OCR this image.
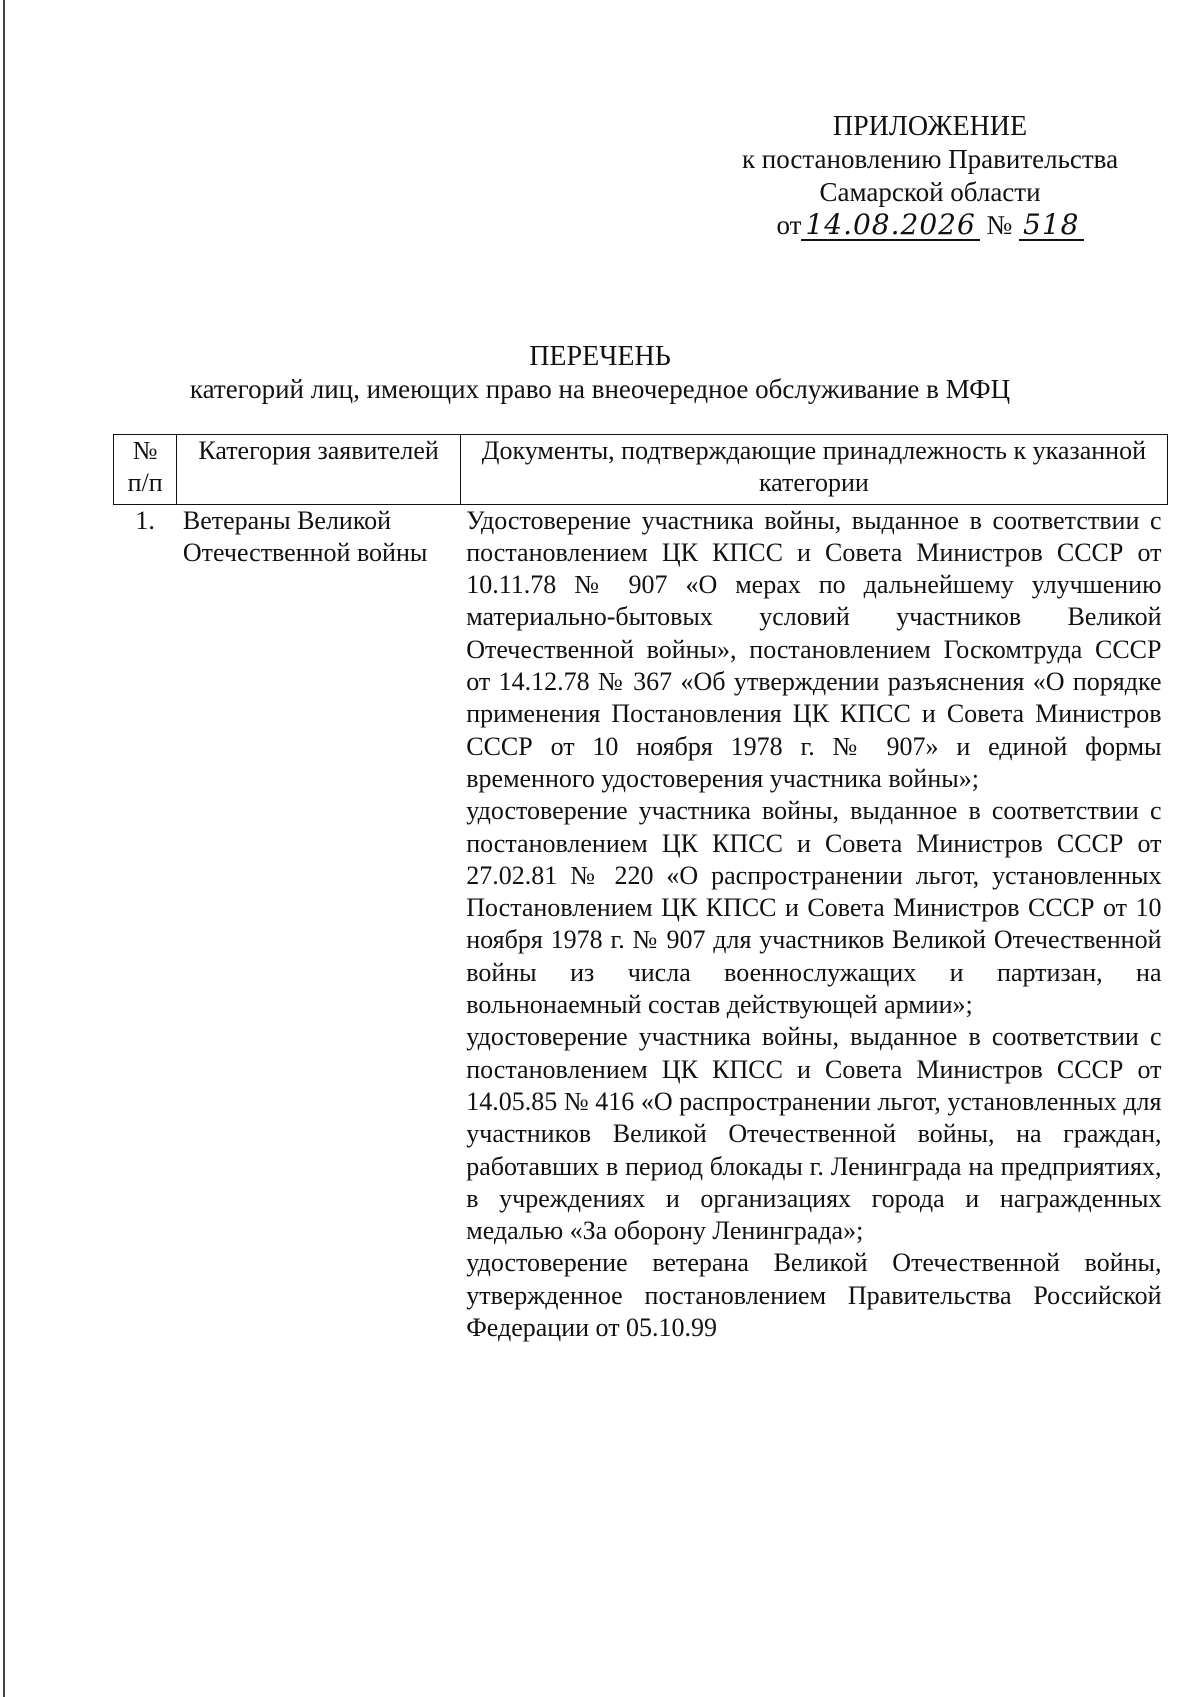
ПРИЛОЖЕНИЕ
к постановлению Правительства
Самарской области
от 14.08.2026 № 518
ПЕРЕЧЕНЬ
категорий лиц, имеющих право на внеочередное обслуживание в МФЦ
№ п/п	Категория заявителей	Документы, подтверждающие принадлежность к указанной категории
1.	Ветераны Великой Отечественной войны	Удостоверение участника войны, выданное в соответствии с постановлением ЦК КПСС и Совета Министров СССР от 10.11.78 № 907 «О мерах по дальнейшему улучшению материально-бытовых условий участников Великой Отечественной войны», постановлением Госкомтруда СССР от 14.12.78 № 367 «Об утверждении разъяснения «О порядке применения Постановления ЦК КПСС и Совета Министров СССР от 10 ноября 1978 г. № 907» и единой формы временного удостоверения участника войны»;
удостоверение участника войны, выданное в соответствии с постановлением ЦК КПСС и Совета Министров СССР от 27.02.81 № 220 «О распространении льгот, установленных Постановлением ЦК КПСС и Совета Министров СССР от 10 ноября 1978 г. № 907 для участников Великой Отечественной войны из числа военнослужащих и партизан, на вольнонаемный состав действующей армии»;
удостоверение участника войны, выданное в соответствии с постановлением ЦК КПСС и Совета Министров СССР от 14.05.85 № 416 «О распространении льгот, установленных для участников Великой Отечественной войны, на граждан, работавших в период блокады г. Ленинграда на предприятиях, в учреждениях и организациях города и награжденных медалью «За оборону Ленинграда»;
удостоверение ветерана Великой Отечественной войны, утвержденное постановлением Правительства Российской Федерации от 05.10.99
